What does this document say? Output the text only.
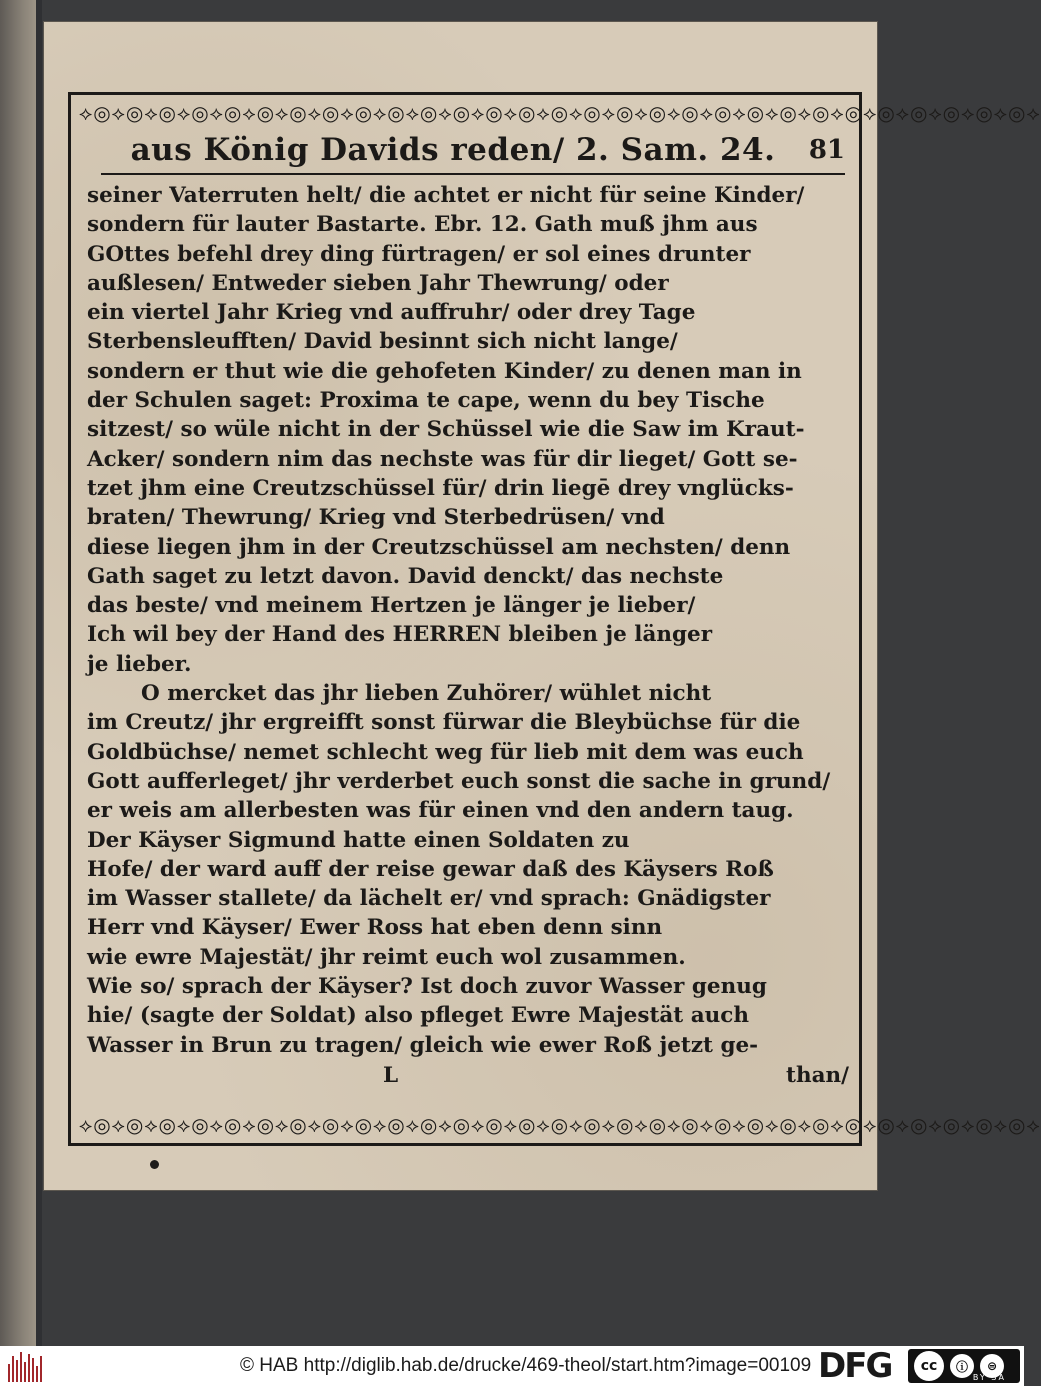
⟡◎⟡◎⟡◎⟡◎⟡◎⟡◎⟡◎⟡◎⟡◎⟡◎⟡◎⟡◎⟡◎⟡◎⟡◎⟡◎⟡◎⟡◎⟡◎⟡◎⟡◎⟡◎⟡◎⟡◎⟡◎⟡◎⟡◎⟡◎⟡◎⟡
aus König Davids reden/ 2. Sam. 24.	81
seiner Vaterruten helt/ die achtet er nicht für seine Kinder/
sondern für lauter Bastarte. Ebr. 12. Gath muß jhm aus
GOttes befehl drey ding fürtragen/ er sol eines drunter
außlesen/ Entweder sieben Jahr Thewrung/ oder
ein viertel Jahr Krieg vnd auffruhr/ oder drey Tage
Sterbensleufften/ David besinnt sich nicht lange/
sondern er thut wie die gehofeten Kinder/ zu denen man in
der Schulen saget: Proxima te cape, wenn du bey Tische
sitzest/ so wüle nicht in der Schüssel wie die Saw im Kraut-
Acker/ sondern nim das nechste was für dir lieget/ Gott se-
tzet jhm eine Creutzschüssel für/ drin liegē drey vnglücks-
braten/ Thewrung/ Krieg vnd Sterbedrüsen/ vnd
diese liegen jhm in der Creutzschüssel am nechsten/ denn
Gath saget zu letzt davon. David denckt/ das nechste
das beste/ vnd meinem Hertzen je länger je lieber/
Ich wil bey der Hand des HERREN bleiben je länger
je lieber.
O mercket das jhr lieben Zuhörer/ wühlet nicht
im Creutz/ jhr ergreifft sonst fürwar die Bleybüchse für die
Goldbüchse/ nemet schlecht weg für lieb mit dem was euch
Gott aufferleget/ jhr verderbet euch sonst die sache in grund/
er weis am allerbesten was für einen vnd den andern taug.
Der Käyser Sigmund hatte einen Soldaten zu
Hofe/ der ward auff der reise gewar daß des Käysers Roß
im Wasser stallete/ da lächelt er/ vnd sprach: Gnädigster
Herr vnd Käyser/ Ewer Ross hat eben denn sinn
wie ewre Majestät/ jhr reimt euch wol zusammen.
Wie so/ sprach der Käyser? Ist doch zuvor Wasser genug
hie/ (sagte der Soldat) also pfleget Ewre Majestät auch
Wasser in Brun zu tragen/ gleich wie ewer Roß jetzt ge-
L	than/
⟡◎⟡◎⟡◎⟡◎⟡◎⟡◎⟡◎⟡◎⟡◎⟡◎⟡◎⟡◎⟡◎⟡◎⟡◎⟡◎⟡◎⟡◎⟡◎⟡◎⟡◎⟡◎⟡◎⟡◎⟡◎⟡◎⟡◎⟡◎⟡◎⟡
© HAB http://diglib.hab.de/drucke/469-theol/start.htm?image=00109 DFG	cc	ⓘ	⊜
BY SA
